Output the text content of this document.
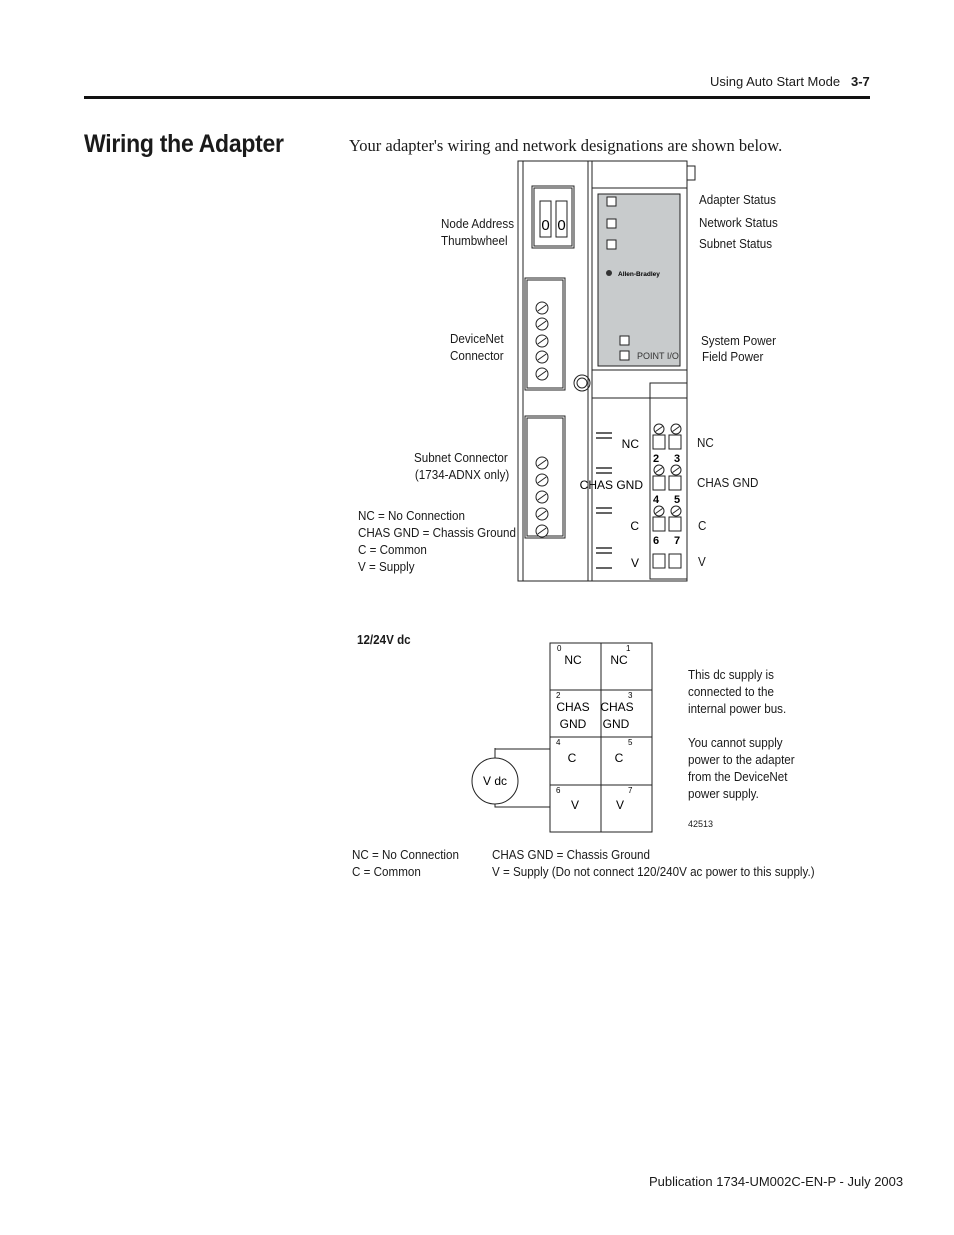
Using Auto Start Mode 3-7
Wiring the Adapter	Your adapter's wiring and network designations are shown below.
Node Address
Thumbwheel
DeviceNet
Connector
Subnet Connector
(1734-ADNX only)
NC = No Connection
CHAS GND = Chassis Ground
C = Common
V = Supply
Adapter Status
Network Status
Subnet Status
System Power
Field Power
0 0
Allen-Bradley
POINT I/O
2 3
4 5
6 7
NC
CHAS GND
C
V
NC
CHAS GND
C
V
12/24V dc
V dc
0	1
2	3
4	5
6	7
NC NC
CHAS
GND
CHAS
GND
C	C
V	V
This dc supply is
connected to the
internal power bus.
You cannot supply
power to the adapter
from the DeviceNet
power supply.
42513
NC = No Connection
C = Common
CHAS GND = Chassis Ground
V = Supply (Do not connect 120/240V ac power to this supply.)
Publication 1734-UM002C-EN-P - July 2003
